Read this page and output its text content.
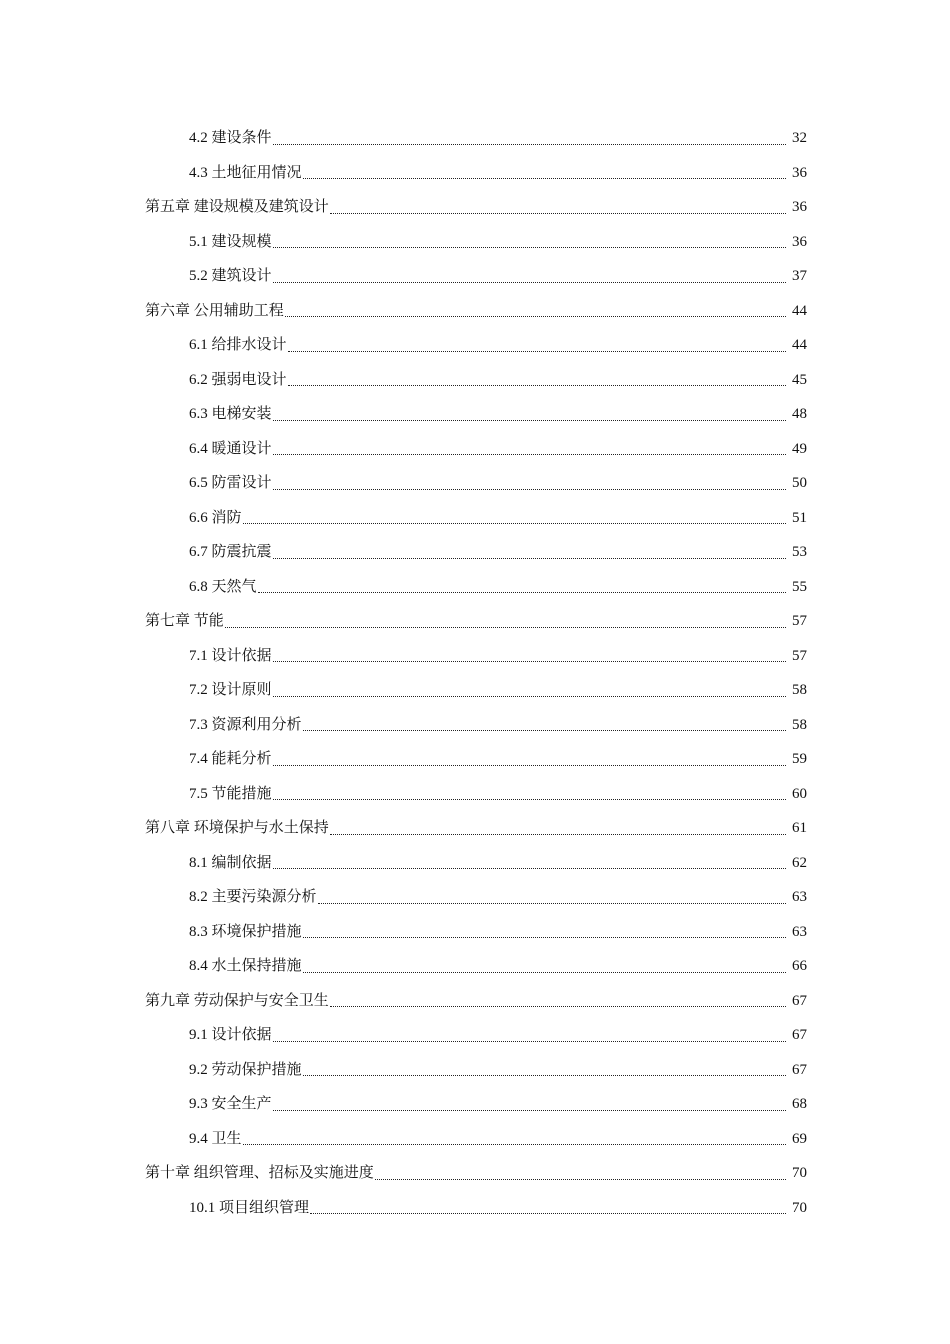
4.2 建设条件	32
4.3 土地征用情况	36
第五章 建设规模及建筑设计	36
5.1 建设规模	36
5.2 建筑设计	37
第六章 公用辅助工程	44
6.1 给排水设计	44
6.2 强弱电设计	45
6.3 电梯安装	48
6.4 暖通设计	49
6.5 防雷设计	50
6.6 消防	51
6.7 防震抗震	53
6.8 天然气	55
第七章 节能	57
7.1 设计依据	57
7.2 设计原则	58
7.3 资源利用分析	58
7.4 能耗分析	59
7.5 节能措施	60
第八章 环境保护与水土保持	61
8.1 编制依据	62
8.2 主要污染源分析	63
8.3 环境保护措施	63
8.4 水土保持措施	66
第九章 劳动保护与安全卫生	67
9.1 设计依据	67
9.2 劳动保护措施	67
9.3 安全生产	68
9.4 卫生	69
第十章 组织管理、招标及实施进度	70
10.1 项目组织管理	70
